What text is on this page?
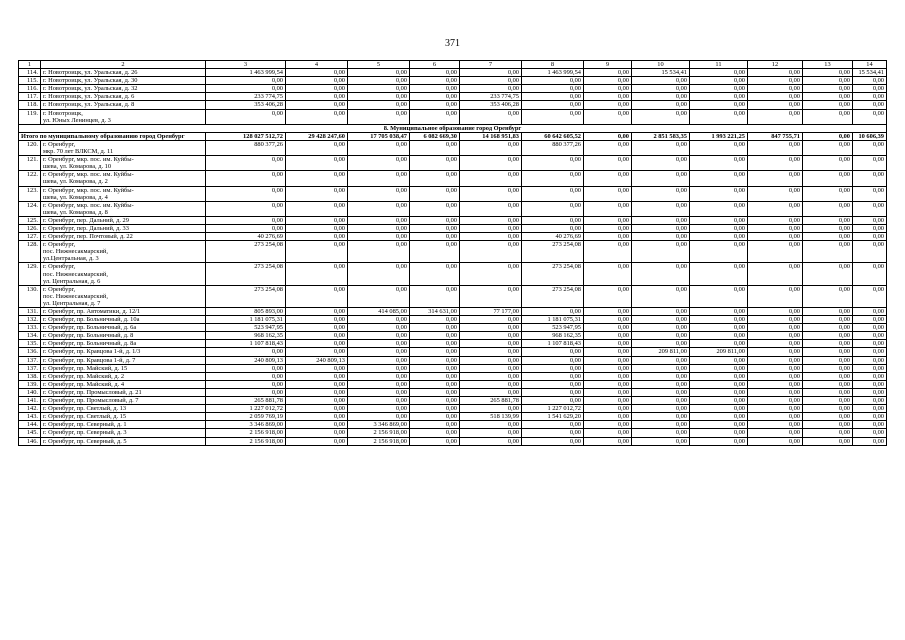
371
1	2	3	4	5	6	7	8	9	10	11	12	13	14
114.	г. Новотроицк, ул. Уральская, д. 26	1 463 999,54	0,00	0,00	0,00	0,00	1 463 999,54	0,00	15 534,41	0,00	0,00	0,00	15 534,41
115.	г. Новотроицк, ул. Уральская, д. 30	0,00	0,00	0,00	0,00	0,00	0,00	0,00	0,00	0,00	0,00	0,00	0,00
116.	г. Новотроицк, ул. Уральская, д. 32	0,00	0,00	0,00	0,00	0,00	0,00	0,00	0,00	0,00	0,00	0,00	0,00
117.	г. Новотроицк, ул. Уральская, д. 6	233 774,75	0,00	0,00	0,00	233 774,75	0,00	0,00	0,00	0,00	0,00	0,00	0,00
118.	г. Новотроицк, ул. Уральская, д. 8	353 406,28	0,00	0,00	0,00	353 406,28	0,00	0,00	0,00	0,00	0,00	0,00	0,00
119.	г. Новотроицк,
ул. Юных Ленинцев, д. 3	0,00	0,00	0,00	0,00	0,00	0,00	0,00	0,00	0,00	0,00	0,00	0,00
8. Муниципальное образование город Оренбург													
Итого по муниципальному образованию город Оренбург		128 027 512,72	29 428 247,60	17 705 038,47	6 082 669,30	14 168 951,83	60 642 605,52	0,00	2 851 583,35	1 993 221,25	847 755,71	0,00	10 606,39
120.	г. Оренбург,
мкр. 70 лет ВЛКСМ, д. 11	880 377,26	0,00	0,00	0,00	0,00	880 377,26	0,00	0,00	0,00	0,00	0,00	0,00
121.	г. Оренбург, мкр. пос. им. Куйбы-
шева, ул. Комарова, д. 10	0,00	0,00	0,00	0,00	0,00	0,00	0,00	0,00	0,00	0,00	0,00	0,00
122.	г. Оренбург, мкр. пос. им. Куйбы-
шева, ул. Комарова, д. 2	0,00	0,00	0,00	0,00	0,00	0,00	0,00	0,00	0,00	0,00	0,00	0,00
123.	г. Оренбург, мкр. пос. им. Куйбы-
шева, ул. Комарова, д. 4	0,00	0,00	0,00	0,00	0,00	0,00	0,00	0,00	0,00	0,00	0,00	0,00
124.	г. Оренбург, мкр. пос. им. Куйбы-
шева, ул. Комарова, д. 8	0,00	0,00	0,00	0,00	0,00	0,00	0,00	0,00	0,00	0,00	0,00	0,00
125.	г. Оренбург, пер. Дальний, д. 29	0,00	0,00	0,00	0,00	0,00	0,00	0,00	0,00	0,00	0,00	0,00	0,00
126.	г. Оренбург, пер. Дальний, д. 33	0,00	0,00	0,00	0,00	0,00	0,00	0,00	0,00	0,00	0,00	0,00	0,00
127.	г. Оренбург, пер. Почтовый, д. 22	40 276,69	0,00	0,00	0,00	0,00	40 276,69	0,00	0,00	0,00	0,00	0,00	0,00
128.	г. Оренбург,
пос. Нижнесакмарский,
ул.Центральная, д. 3	273 254,08	0,00	0,00	0,00	0,00	273 254,08	0,00	0,00	0,00	0,00	0,00	0,00
129.	г. Оренбург,
пос. Нижнесакмарский,
ул. Центральная, д. 6	273 254,08	0,00	0,00	0,00	0,00	273 254,08	0,00	0,00	0,00	0,00	0,00	0,00
130.	г. Оренбург,
пос. Нижнесакмарский,
ул. Центральная, д. 7	273 254,08	0,00	0,00	0,00	0,00	273 254,08	0,00	0,00	0,00	0,00	0,00	0,00
131.	г. Оренбург, пр. Автоматики, д. 12/1	805 893,00	0,00	414 085,00	314 631,00	77 177,00	0,00	0,00	0,00	0,00	0,00	0,00	0,00
132.	г. Оренбург, пр. Больничный, д. 10а	1 181 075,31	0,00	0,00	0,00	0,00	1 181 075,31	0,00	0,00	0,00	0,00	0,00	0,00
133.	г. Оренбург, пр. Больничный, д. 6а	523 947,95	0,00	0,00	0,00	0,00	523 947,95	0,00	0,00	0,00	0,00	0,00	0,00
134.	г. Оренбург, пр. Больничный, д. 8	968 162,35	0,00	0,00	0,00	0,00	968 162,35	0,00	0,00	0,00	0,00	0,00	0,00
135.	г. Оренбург, пр. Больничный, д. 8а	1 107 818,43	0,00	0,00	0,00	0,00	1 107 818,43	0,00	0,00	0,00	0,00	0,00	0,00
136.	г. Оренбург, пр. Кравцова 1-й, д. 1/3	0,00	0,00	0,00	0,00	0,00	0,00	0,00	209 811,00	209 811,00	0,00	0,00	0,00
137.	г. Оренбург, пр. Кравцова 1-й, д. 7	240 809,13	240 809,13	0,00	0,00	0,00	0,00	0,00	0,00	0,00	0,00	0,00	0,00
137.	г. Оренбург, пр. Майский, д. 15	0,00	0,00	0,00	0,00	0,00	0,00	0,00	0,00	0,00	0,00	0,00	0,00
138.	г. Оренбург, пр. Майский, д. 2	0,00	0,00	0,00	0,00	0,00	0,00	0,00	0,00	0,00	0,00	0,00	0,00
139.	г. Оренбург, пр. Майский, д. 4	0,00	0,00	0,00	0,00	0,00	0,00	0,00	0,00	0,00	0,00	0,00	0,00
140.	г. Оренбург, пр. Промысловый, д. 21	0,00	0,00	0,00	0,00	0,00	0,00	0,00	0,00	0,00	0,00	0,00	0,00
141.	г. Оренбург, пр. Промысловый, д. 7	265 881,78	0,00	0,00	0,00	265 881,78	0,00	0,00	0,00	0,00	0,00	0,00	0,00
142.	г. Оренбург, пр. Светлый, д. 13	1 227 012,72	0,00	0,00	0,00	0,00	1 227 012,72	0,00	0,00	0,00	0,00	0,00	0,00
143.	г. Оренбург, пр. Светлый, д. 15	2 059 769,19	0,00	0,00	0,00	518 139,99	1 541 629,20	0,00	0,00	0,00	0,00	0,00	0,00
144.	г. Оренбург, пр. Северный, д. 1	3 346 869,00	0,00	3 346 869,00	0,00	0,00	0,00	0,00	0,00	0,00	0,00	0,00	0,00
145.	г. Оренбург, пр. Северный, д. 3	2 156 918,00	0,00	2 156 918,00	0,00	0,00	0,00	0,00	0,00	0,00	0,00	0,00	0,00
146.	г. Оренбург, пр. Северный, д. 5	2 156 918,00	0,00	2 156 918,00	0,00	0,00	0,00	0,00	0,00	0,00	0,00	0,00	0,00
